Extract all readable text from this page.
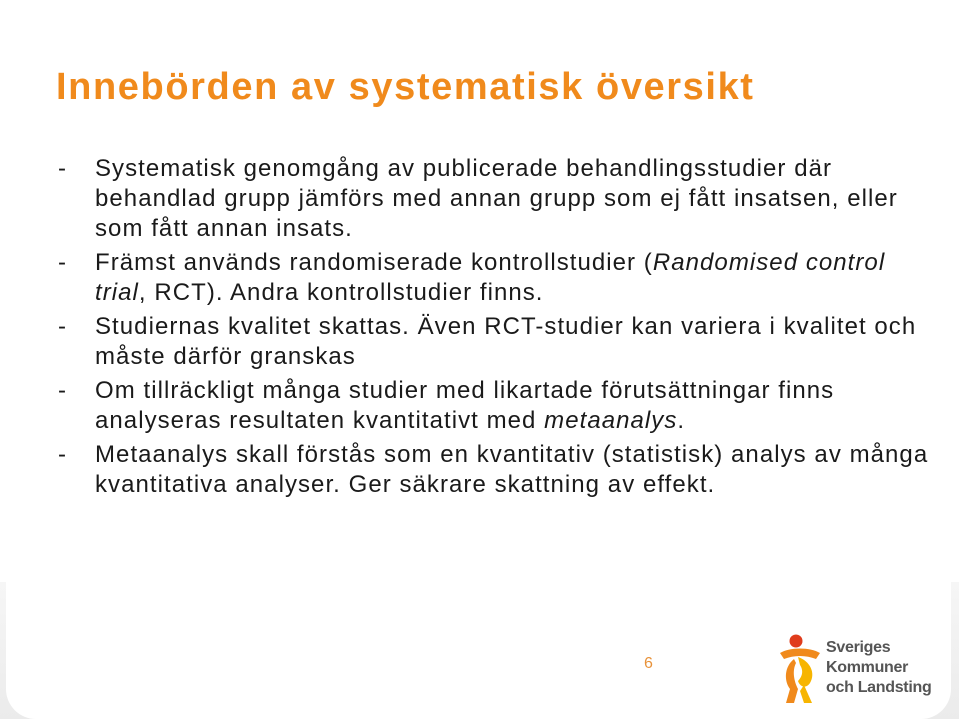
Innebörden av systematisk översikt
- Systematisk genomgång av publicerade behandlingsstudier där behandlad grupp jämförs med annan grupp som ej fått insatsen, eller som fått annan insats.
- Främst används randomiserade kontrollstudier (Randomised control trial, RCT). Andra kontrollstudier finns.
- Studiernas kvalitet skattas. Även RCT-studier kan variera i kvalitet och måste därför granskas
- Om tillräckligt många studier med likartade förutsättningar finns analyseras resultaten kvantitativt med metaanalys.
- Metaanalys skall förstås som en kvantitativ (statistisk) analys av många kvantitativa analyser. Ger säkrare skattning av effekt.
6
Sveriges
Kommuner
och Landsting
